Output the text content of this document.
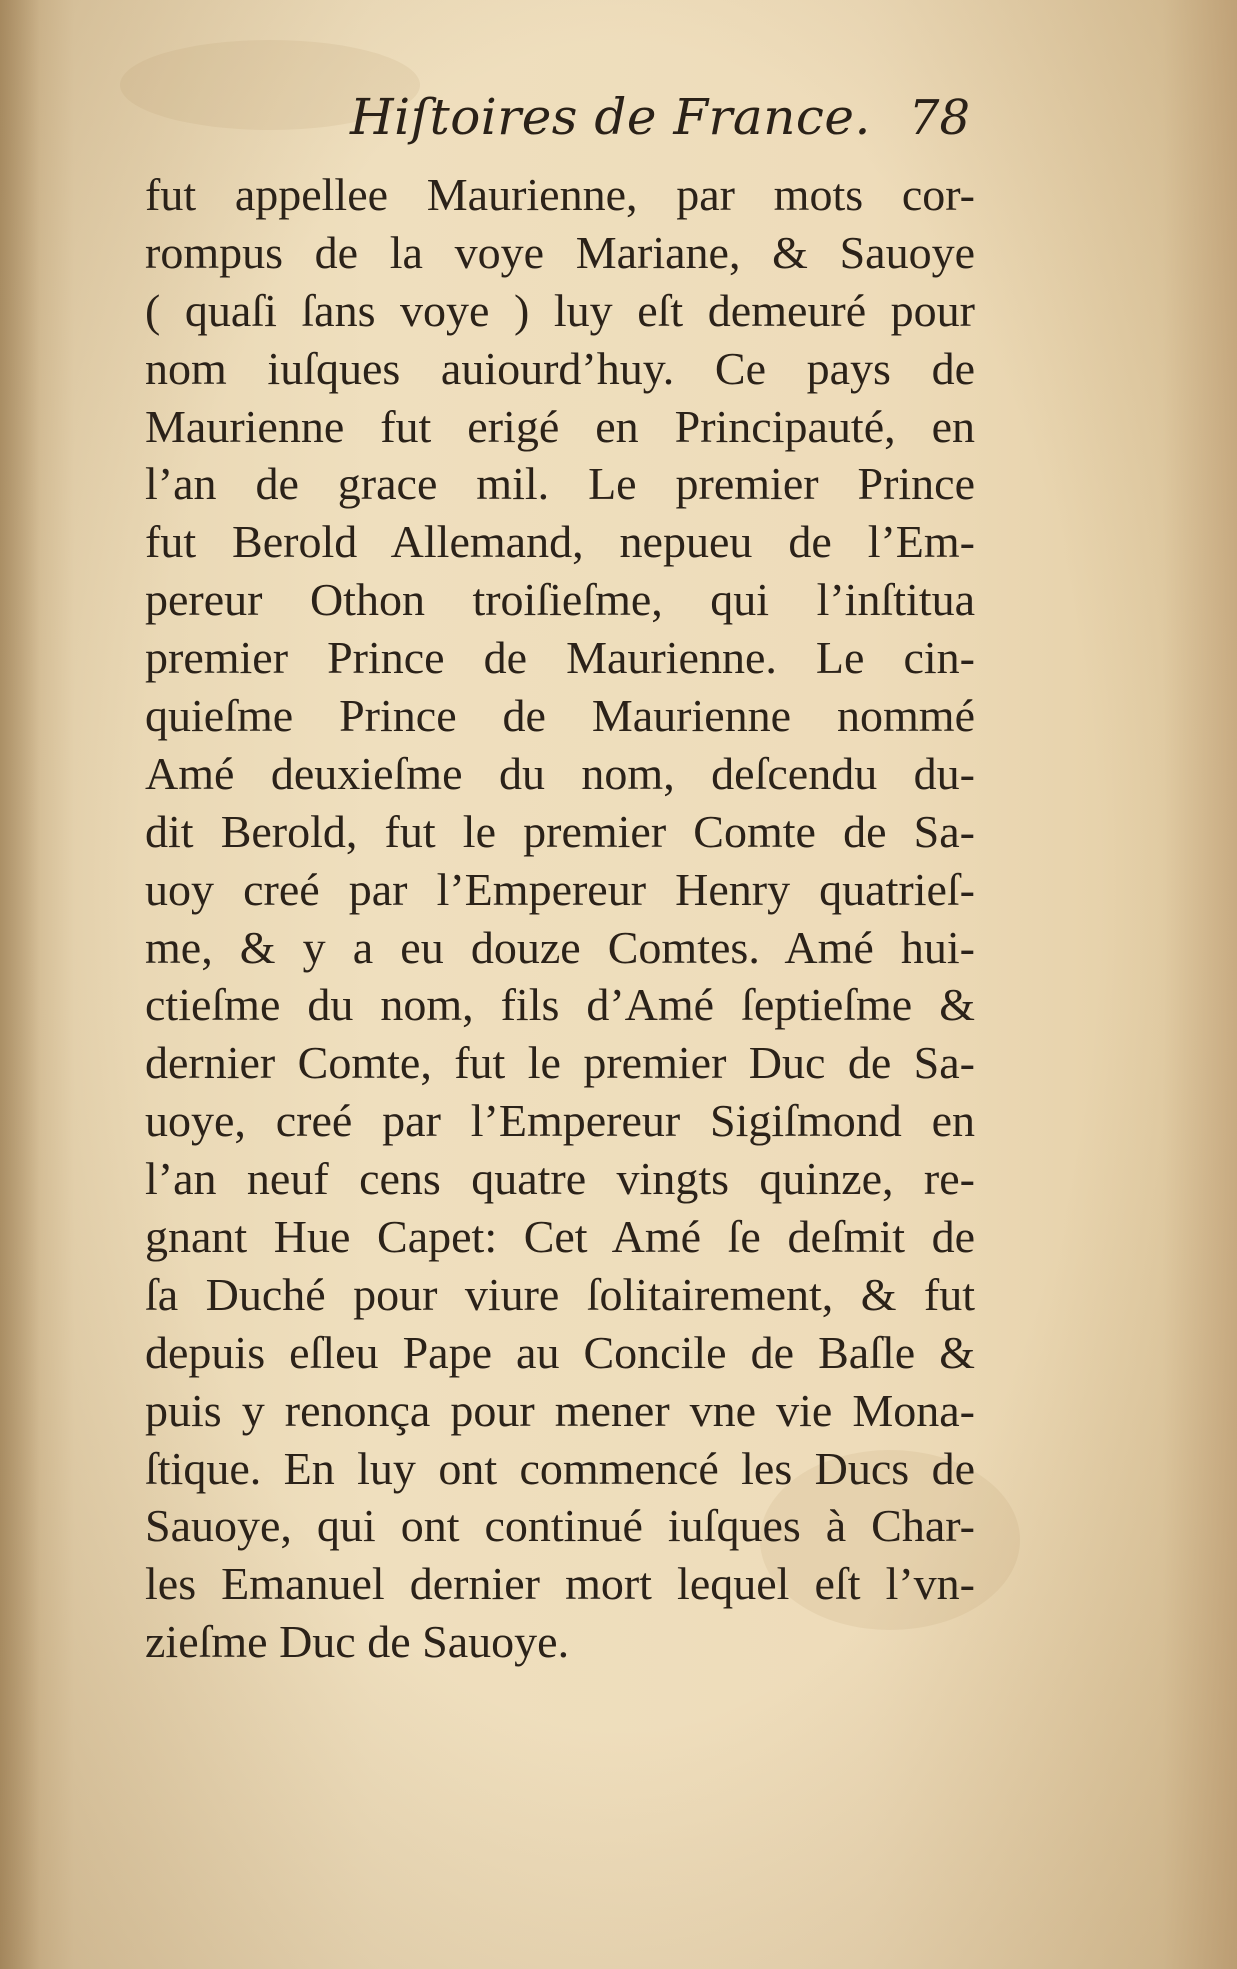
Hiſtoires de France. 78
fut appellee Maurienne, par mots cor-
rompus de la voye Mariane, & Sauoye
( quaſi ſans voye ) luy eſt demeuré pour
nom iuſques auiourd’huy. Ce pays de
Maurienne fut erigé en Principauté, en
l’an de grace mil. Le premier Prince
fut Berold Allemand, nepueu de l’Em-
pereur Othon troiſieſme, qui l’inſtitua
premier Prince de Maurienne. Le cin-
quieſme Prince de Maurienne nommé
Amé deuxieſme du nom, deſcendu du-
dit Berold, fut le premier Comte de Sa-
uoy creé par l’Empereur Henry quatrieſ-
me, & y a eu douze Comtes. Amé hui-
ctieſme du nom, fils d’Amé ſeptieſme &
dernier Comte, fut le premier Duc de Sa-
uoye, creé par l’Empereur Sigiſmond en
l’an neuf cens quatre vingts quinze, re-
gnant Hue Capet: Cet Amé ſe deſmit de
ſa Duché pour viure ſolitairement, & fut
depuis eſleu Pape au Concile de Baſle &
puis y renonça pour mener vne vie Mona-
ſtique. En luy ont commencé les Ducs de
Sauoye, qui ont continué iuſques à Char-
les Emanuel dernier mort lequel eſt l’vn-
zieſme Duc de Sauoye.
